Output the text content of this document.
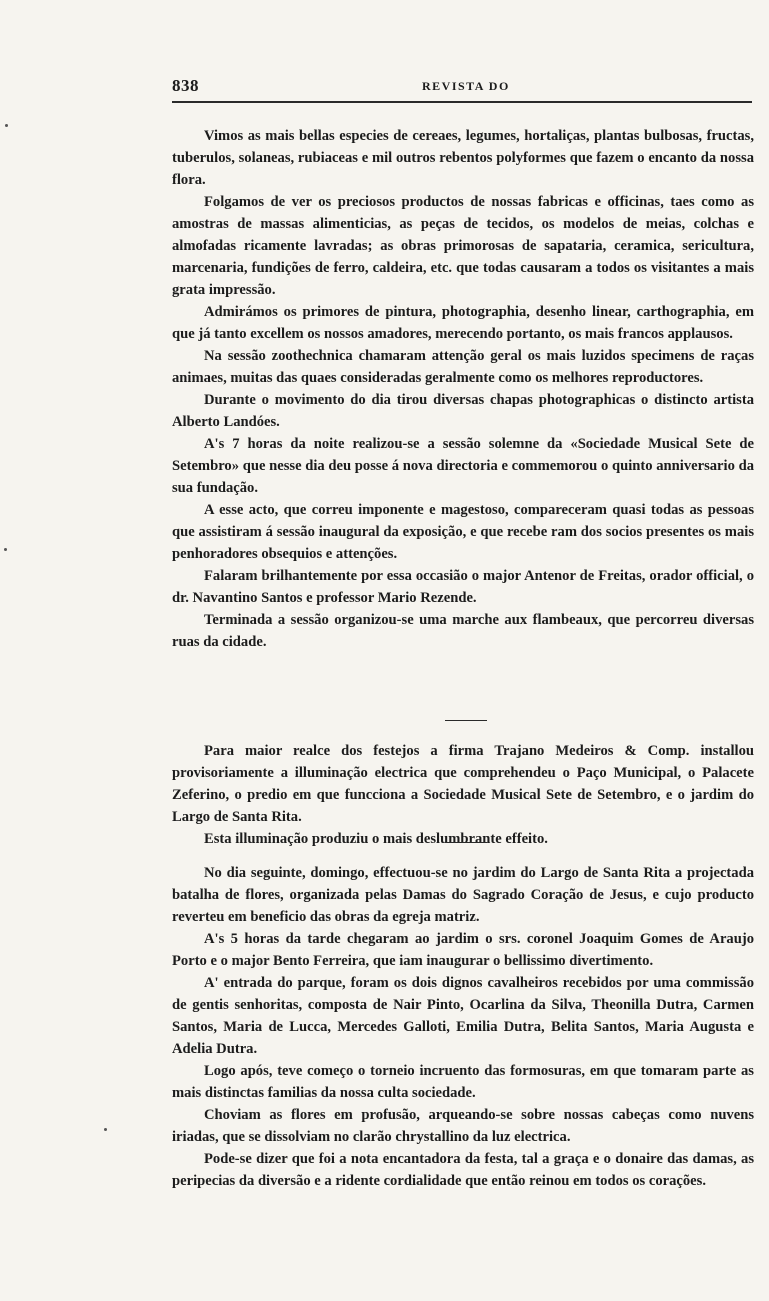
838	REVISTA DO

Vimos as mais bellas especies de cereaes, legumes, hortaliças, plantas bulbosas, fructas, tuberulos, solaneas, rubiaceas e mil outros rebentos polyformes que fazem o encanto da nossa flora.

Folgamos de ver os preciosos productos de nossas fabricas e officinas, taes como as amostras de massas alimenticias, as peças de tecidos, os modelos de meias, colchas e almofadas ricamente lavradas; as obras primorosas de sapataria, ceramica, sericultura, marcenaria, fundições de ferro, caldeira, etc. que todas causaram a todos os visitantes a mais grata impressão.

Admirámos os primores de pintura, photographia, desenho linear, carthographia, em que já tanto excellem os nossos amadores, merecendo portanto, os mais francos applausos.

Na sessão zoothechnica chamaram attenção geral os mais luzidos specimens de raças animaes, muitas das quaes consideradas geralmente como os melhores reproductores.

Durante o movimento do dia tirou diversas chapas photographicas o distincto artista Alberto Landóes.

A's 7 horas da noite realizou-se a sessão solemne da «Sociedade Musical Sete de Setembro» que nesse dia deu posse á nova directoria e commemorou o quinto anniversario da sua fundação.

A esse acto, que correu imponente e magestoso, compareceram quasi todas as pessoas que assistiram á sessão inaugural da exposição, e que recebe ram dos socios presentes os mais penhoradores obsequios e attenções.

Falaram brilhantemente por essa occasião o major Antenor de Freitas, orador official, o dr. Navantino Santos e professor Mario Rezende.

Terminada a sessão organizou-se uma marche aux flambeaux, que percorreu diversas ruas da cidade.

Para maior realce dos festejos a firma Trajano Medeiros & Comp. installou provisoriamente a illuminação electrica que comprehendeu o Paço Municipal, o Palacete Zeferino, o predio em que funcciona a Sociedade Musical Sete de Setembro, e o jardim do Largo de Santa Rita.

Esta illuminação produziu o mais deslumbrante effeito.

No dia seguinte, domingo, effectuou-se no jardim do Largo de Santa Rita a projectada batalha de flores, organizada pelas Damas do Sagrado Coração de Jesus, e cujo producto reverteu em beneficio das obras da egreja matriz.

A's 5 horas da tarde chegaram ao jardim o srs. coronel Joaquim Gomes de Araujo Porto e o major Bento Ferreira, que iam inaugurar o bellissimo divertimento.

A' entrada do parque, foram os dois dignos cavalheiros recebidos por uma commissão de gentis senhoritas, composta de Nair Pinto, Ocarlina da Silva, Theonilla Dutra, Carmen Santos, Maria de Lucca, Mercedes Galloti, Emilia Dutra, Belita Santos, Maria Augusta e Adelia Dutra.

Logo após, teve começo o torneio incruento das formosuras, em que tomaram parte as mais distinctas familias da nossa culta sociedade.

Choviam as flores em profusão, arqueando-se sobre nossas cabeças como nuvens iriadas, que se dissolviam no clarão chrystallino da luz electrica.

Pode-se dizer que foi a nota encantadora da festa, tal a graça e o donaire das damas, as peripecias da diversão e a ridente cordialidade que então reinou em todos os corações.
